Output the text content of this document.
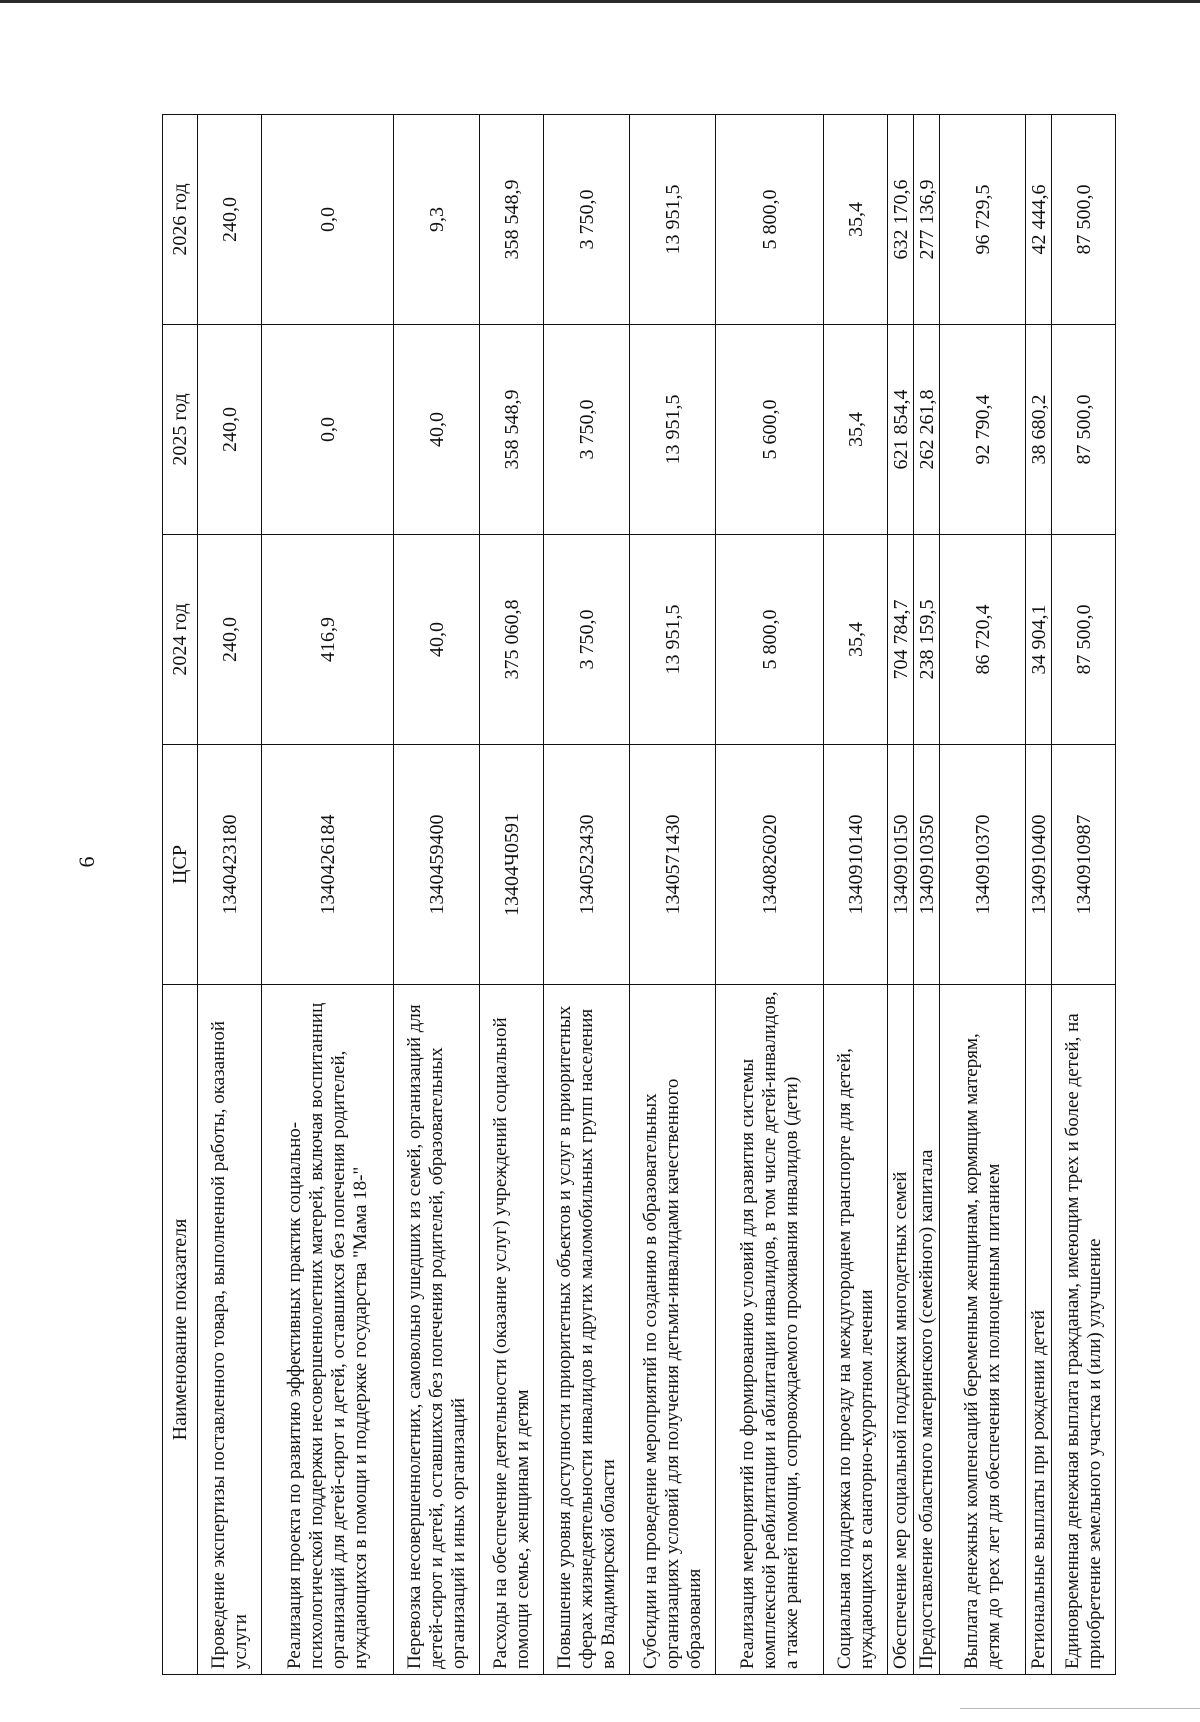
6
Наименование показателя	ЦСР	2024 год	2025 год	2026 год
Проведение экспертизы поставленного товара, выполненной работы, оказанной услуги	1340423180	240,0	240,0	240,0
Реализация проекта по развитию эффективных практик социально-психологической поддержки несовершеннолетних матерей, включая воспитанниц организаций для детей-сирот и детей, оставшихся без попечения родителей, нуждающихся в помощи и поддержке государства "Мама 18-"	1340426184	416,9	0,0	0,0
Перевозка несовершеннолетних, самовольно ушедших из семей, организаций для детей-сирот и детей, оставшихся без попечения родителей, образовательных организаций и иных организаций	1340459400	40,0	40,0	9,3
Расходы на обеспечение деятельности (оказание услуг) учреждений социальной помощи семье, женщинам и детям	13404Ч0591	375 060,8	358 548,9	358 548,9
Повышение уровня доступности приоритетных объектов и услуг в приоритетных сферах жизнедеятельности инвалидов и других маломобильных групп населения во Владимирской области	1340523430	3 750,0	3 750,0	3 750,0
Субсидии на проведение мероприятий по созданию в образовательных организациях условий для получения детьми-инвалидами качественного образования	1340571430	13 951,5	13 951,5	13 951,5
Реализация мероприятий по формированию условий для развития системы комплексной реабилитации и абилитации инвалидов, в том числе детей-инвалидов, а также ранней помощи, сопровождаемого проживания инвалидов (дети)	1340826020	5 800,0	5 600,0	5 800,0
Социальная поддержка по проезду на междугороднем транспорте для детей, нуждающихся в санаторно-курортном лечении	1340910140	35,4	35,4	35,4
Обеспечение мер социальной поддержки многодетных семей	1340910150	704 784,7	621 854,4	632 170,6
Предоставление областного материнского (семейного) капитала	1340910350	238 159,5	262 261,8	277 136,9
Выплата денежных компенсаций беременным женщинам, кормящим матерям, детям до трех лет для обеспечения их полноценным питанием	1340910370	86 720,4	92 790,4	96 729,5
Региональные выплаты при рождении детей	1340910400	34 904,1	38 680,2	42 444,6
Единовременная денежная выплата гражданам, имеющим трех и более детей, на приобретение земельного участка и (или) улучшение	1340910987	87 500,0	87 500,0	87 500,0
